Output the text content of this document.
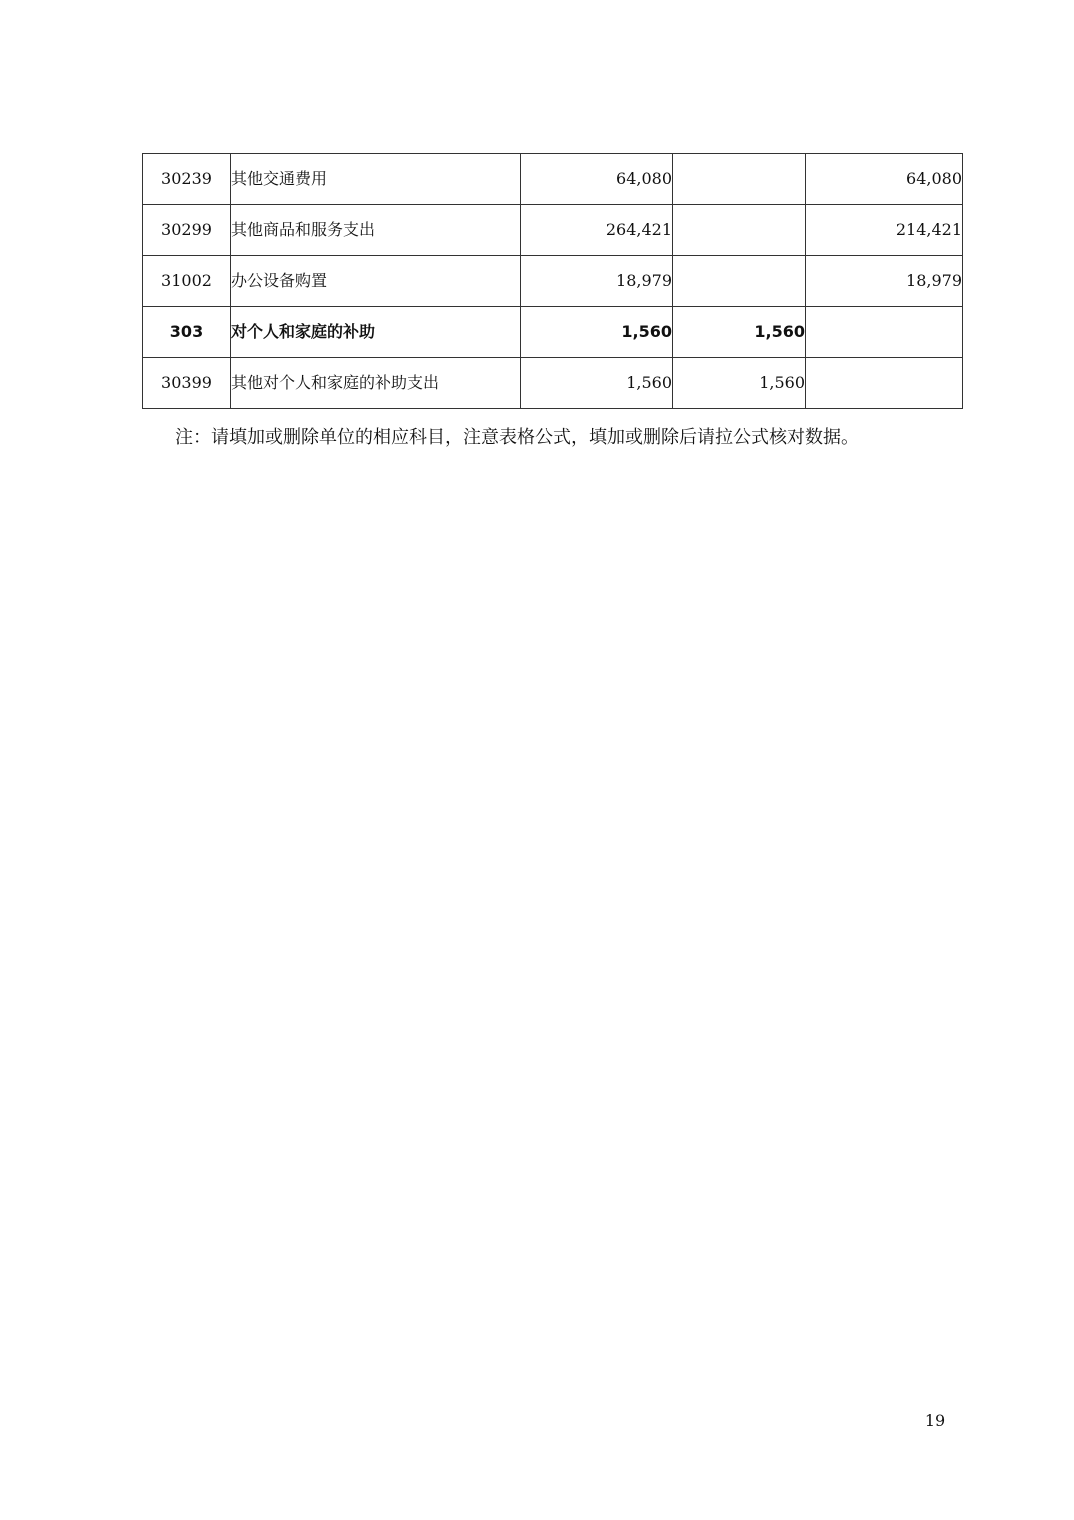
30239	其他交通费用	64,080		64,080
30299	其他商品和服务支出	264,421		214,421
31002	办公设备购置	18,979		18,979
303	对个人和家庭的补助	1,560	1,560	
30399	其他对个人和家庭的补助支出	1,560	1,560	
注：请填加或删除单位的相应科目，注意表格公式，填加或删除后请拉公式核对数据。
19
